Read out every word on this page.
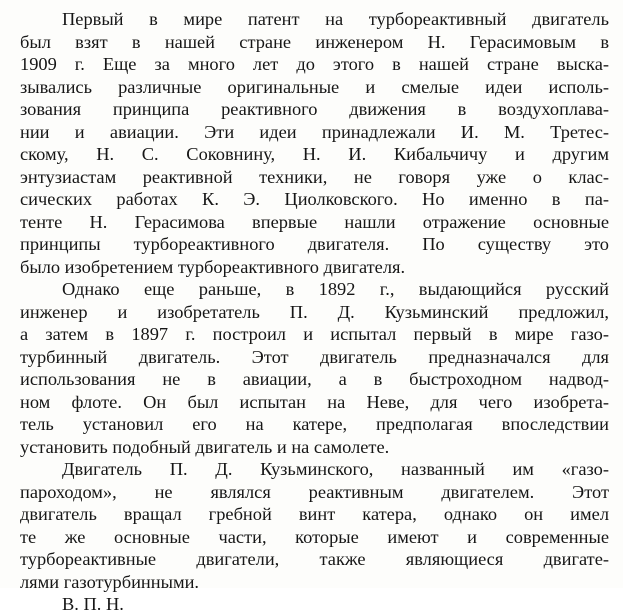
Первый в мире патент на турбореактивный двигатель
был взят в нашей стране инженером Н. Герасимовым в
1909 г. Еще за много лет до этого в нашей стране выска-
зывались различные оригинальные и смелые идеи исполь-
зования принципа реактивного движения в воздухоплава-
нии и авиации. Эти идеи принадлежали И. М. Третес-
скому, Н. С. Соковнину, Н. И. Кибальчичу и другим
энтузиастам реактивной техники, не говоря уже о клас-
сических работах К. Э. Циолковского. Но именно в па-
тенте Н. Герасимова впервые нашли отражение основные
принципы турбореактивного двигателя. По существу это
было изобретением турбореактивного двигателя.
Однако еще раньше, в 1892 г., выдающийся русский
инженер и изобретатель П. Д. Кузьминский предложил,
а затем в 1897 г. построил и испытал первый в мире газо-
турбинный двигатель. Этот двигатель предназначался для
использования не в авиации, а в быстроходном надвод-
ном флоте. Он был испытан на Неве, для чего изобрета-
тель установил его на катере, предполагая впоследствии
установить подобный двигатель и на самолете.
Двигатель П. Д. Кузьминского, названный им «газо-
пароходом», не являлся реактивным двигателем. Этот
двигатель вращал гребной винт катера, однако он имел
те же основные части, которые имеют и современные
турбореактивные двигатели, также являющиеся двигате-
лями газотурбинными.
В. П. Н.
